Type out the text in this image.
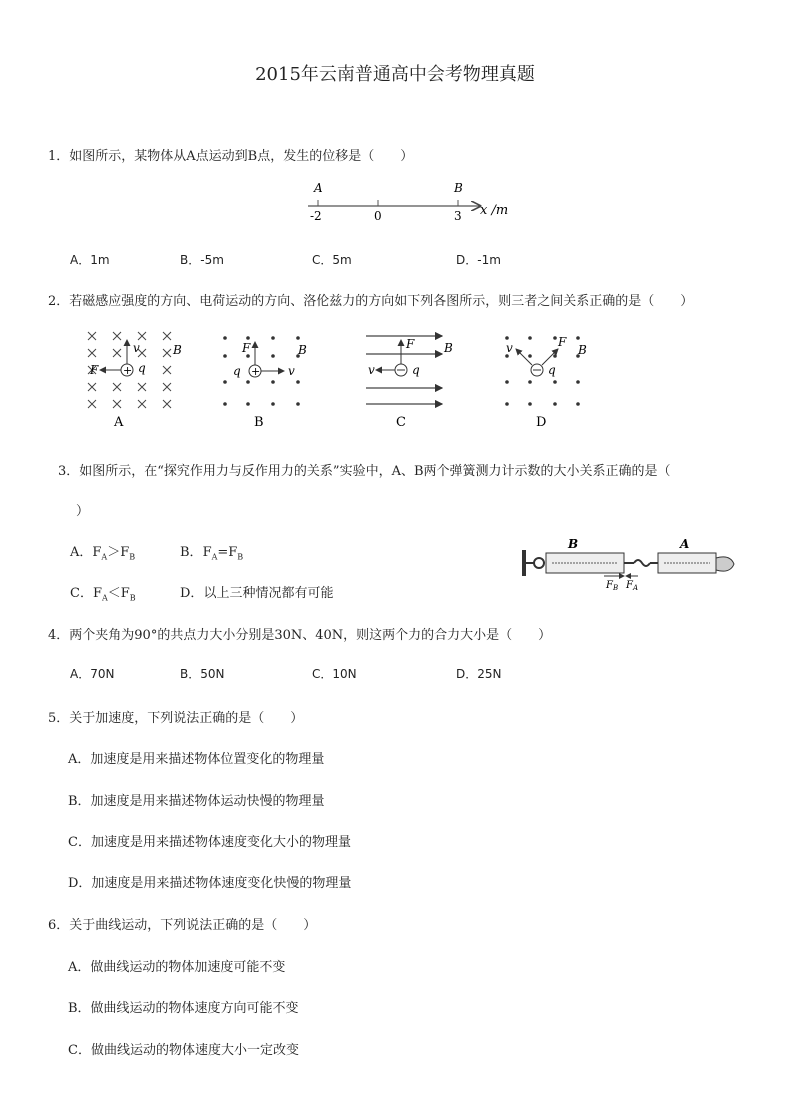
2015年云南普通高中会考物理真题
1．如图所示，某物体从A点运动到B点，发生的位移是（　　）
A	B
-2	0	3 x /m
A．1m	B．-5m	C．5m	D．-1m
2．若磁感应强度的方向、电荷运动的方向、洛伦兹力的方向如下列各图所示，则三者之间关系正确的是（　　）
+
v
F	q
B
A
+
F
v
q
B
B
F
v	q
B
C
v	F
q
B
D
3．如图所示，在“探究作用力与反作用力的关系”实验中，A、B两个弹簧测力计示数的大小关系正确的是（
）
A．$F_A>F_B$	B．$F_A=F_B$
C．$F_A<F_B$	D．以上三种情况都有可能
B	A
$F_B$ $F_A$
4．两个夹角为90°的共点力大小分别是30N、40N，则这两个力的合力大小是（　　）
A．70N	B．50N	C．10N	D．25N
5．关于加速度，下列说法正确的是（　　）
A．加速度是用来描述物体位置变化的物理量
B．加速度是用来描述物体运动快慢的物理量
C．加速度是用来描述物体速度变化大小的物理量
D．加速度是用来描述物体速度变化快慢的物理量
6．关于曲线运动，下列说法正确的是（　　）
A．做曲线运动的物体加速度可能不变
B．做曲线运动的物体速度方向可能不变
C．做曲线运动的物体速度大小一定改变
